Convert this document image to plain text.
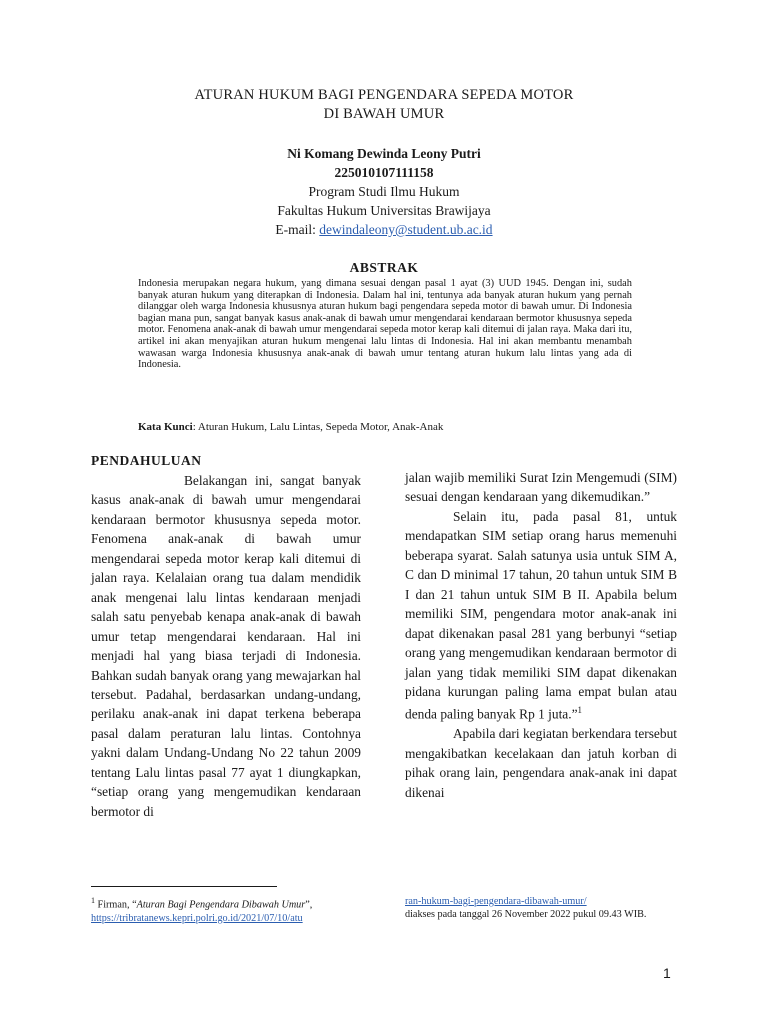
ATURAN HUKUM BAGI PENGENDARA SEPEDA MOTOR
DI BAWAH UMUR
Ni Komang Dewinda Leony Putri
225010107111158
Program Studi Ilmu Hukum
Fakultas Hukum Universitas Brawijaya
E-mail: dewindaleony@student.ub.ac.id
ABSTRAK
Indonesia merupakan negara hukum, yang dimana sesuai dengan pasal 1 ayat (3) UUD 1945. Dengan ini, sudah banyak aturan hukum yang diterapkan di Indonesia. Dalam hal ini, tentunya ada banyak aturan hukum yang pernah dilanggar oleh warga Indonesia khususnya aturan hukum bagi pengendara sepeda motor di bawah umur. Di Indonesia bagian mana pun, sangat banyak kasus anak-anak di bawah umur mengendarai kendaraan bermotor khususnya sepeda motor. Fenomena anak-anak di bawah umur mengendarai sepeda motor kerap kali ditemui di jalan raya. Maka dari itu, artikel ini akan menyajikan aturan hukum mengenai lalu lintas di Indonesia. Hal ini akan membantu menambah wawasan warga Indonesia khususnya anak-anak di bawah umur tentang aturan hukum lalu lintas yang ada di Indonesia.
Kata Kunci: Aturan Hukum, Lalu Lintas, Sepeda Motor, Anak-Anak
PENDAHULUAN

Belakangan ini, sangat banyak kasus anak-anak di bawah umur mengendarai kendaraan bermotor khususnya sepeda motor. Fenomena anak-anak di bawah umur mengendarai sepeda motor kerap kali ditemui di jalan raya. Kelalaian orang tua dalam mendidik anak mengenai lalu lintas kendaraan menjadi salah satu penyebab kenapa anak-anak di bawah umur tetap mengendarai kendaraan. Hal ini menjadi hal yang biasa terjadi di Indonesia. Bahkan sudah banyak orang yang mewajarkan hal tersebut. Padahal, berdasarkan undang-undang, perilaku anak-anak ini dapat terkena beberapa pasal dalam peraturan lalu lintas. Contohnya yakni dalam Undang-Undang No 22 tahun 2009 tentang Lalu lintas pasal 77 ayat 1 diungkapkan, “setiap orang yang mengemudikan kendaraan bermotor di

jalan wajib memiliki Surat Izin Mengemudi (SIM) sesuai dengan kendaraan yang dikemudikan.”

Selain itu, pada pasal 81, untuk mendapatkan SIM setiap orang harus memenuhi beberapa syarat. Salah satunya usia untuk SIM A, C dan D minimal 17 tahun, 20 tahun untuk SIM B I dan 21 tahun untuk SIM B II. Apabila belum memiliki SIM, pengendara motor anak-anak ini dapat dikenakan pasal 281 yang berbunyi “setiap orang yang mengemudikan kendaraan bermotor di jalan yang tidak memiliki SIM dapat dikenakan pidana kurungan paling lama empat bulan atau denda paling banyak Rp 1 juta.”$^1$

Apabila dari kegiatan berkendara tersebut mengakibatkan kecelakaan dan jatuh korban di pihak orang lain, pengendara anak-anak ini dapat dikenai

$^1$ Firman, “Aturan Bagi Pengendara Dibawah Umur”,
https://tribratanews.kepri.polri.go.id/2021/07/10/atu
ran-hukum-bagi-pengendara-dibawah-umur/
diakses pada tanggal 26 November 2022 pukul 09.43 WIB.
1
